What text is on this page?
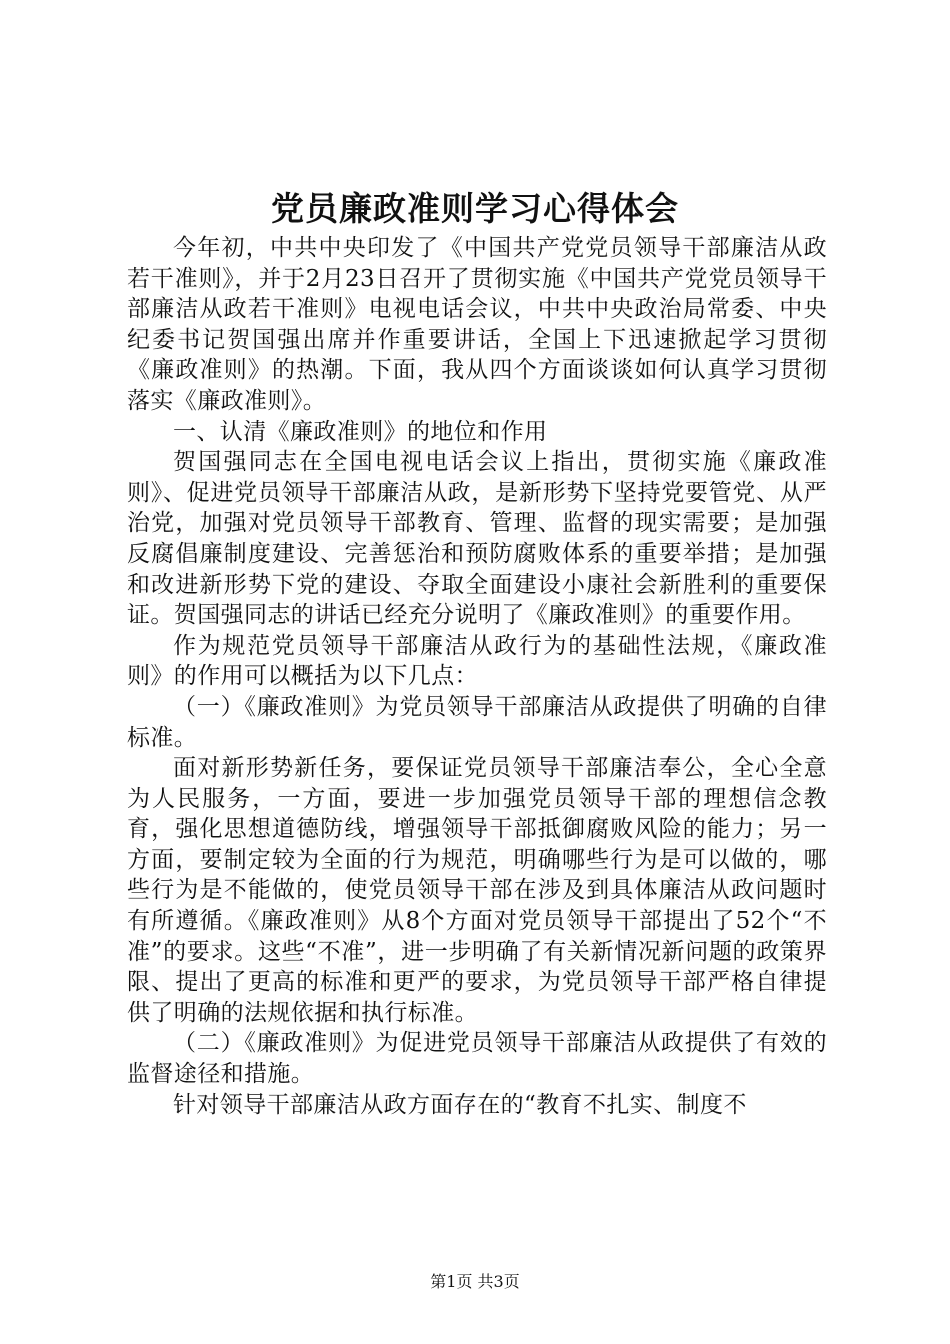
党员廉政准则学习心得体会

今年初，中共中央印发了《中国共产党党员领导干部廉洁从政若干准则》，并于2月23日召开了贯彻实施《中国共产党党员领导干部廉洁从政若干准则》电视电话会议，中共中央政治局常委、中央纪委书记贺国强出席并作重要讲话，全国上下迅速掀起学习贯彻《廉政准则》的热潮。下面，我从四个方面谈谈如何认真学习贯彻落实《廉政准则》。

一、认清《廉政准则》的地位和作用

贺国强同志在全国电视电话会议上指出，贯彻实施《廉政准则》、促进党员领导干部廉洁从政，是新形势下坚持党要管党、从严治党，加强对党员领导干部教育、管理、监督的现实需要；是加强反腐倡廉制度建设、完善惩治和预防腐败体系的重要举措；是加强和改进新形势下党的建设、夺取全面建设小康社会新胜利的重要保证。贺国强同志的讲话已经充分说明了《廉政准则》的重要作用。

作为规范党员领导干部廉洁从政行为的基础性法规，《廉政准则》的作用可以概括为以下几点：

（一）《廉政准则》为党员领导干部廉洁从政提供了明确的自律标准。

面对新形势新任务，要保证党员领导干部廉洁奉公，全心全意为人民服务，一方面，要进一步加强党员领导干部的理想信念教育，强化思想道德防线，增强领导干部抵御腐败风险的能力；另一方面，要制定较为全面的行为规范，明确哪些行为是可以做的，哪些行为是不能做的，使党员领导干部在涉及到具体廉洁从政问题时有所遵循。《廉政准则》从8个方面对党员领导干部提出了52个“不准”的要求。这些“不准”，进一步明确了有关新情况新问题的政策界限、提出了更高的标准和更严的要求，为党员领导干部严格自律提供了明确的法规依据和执行标准。

（二）《廉政准则》为促进党员领导干部廉洁从政提供了有效的监督途径和措施。

针对领导干部廉洁从政方面存在的“教育不扎实、制度不

第1页 共3页
